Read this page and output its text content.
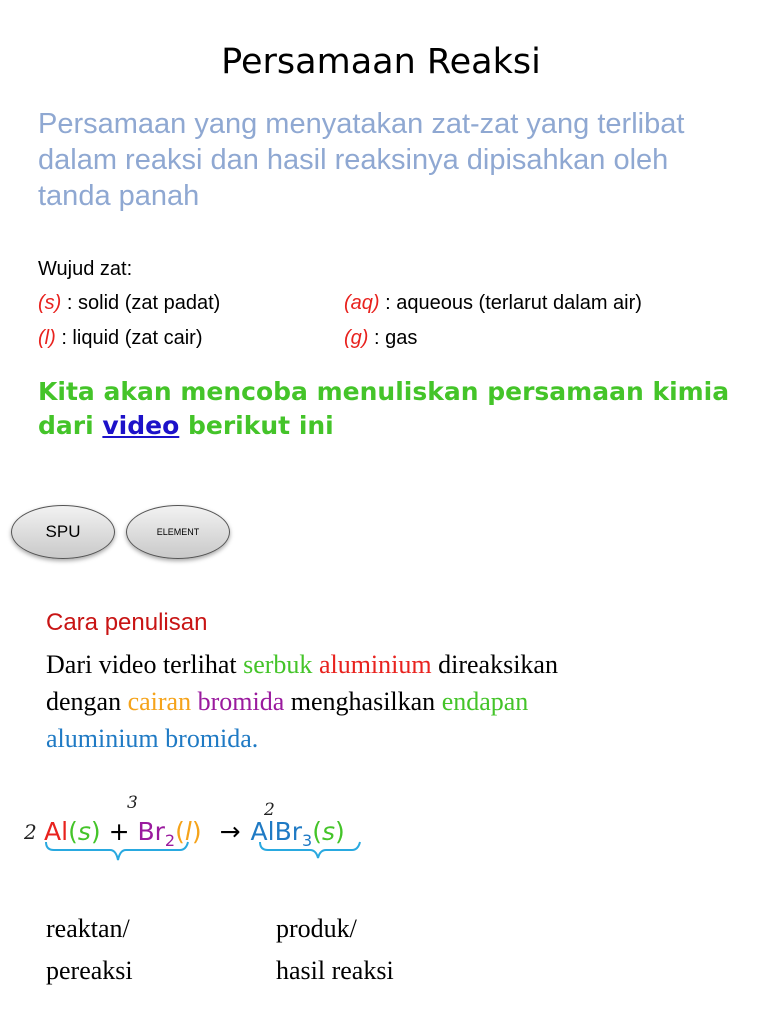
Persamaan Reaksi
Persamaan yang menyatakan zat-zat yang terlibat dalam reaksi dan hasil reaksinya dipisahkan oleh tanda panah
Wujud zat:
(s) : solid (zat padat)
(l) : liquid (zat cair)
(aq) : aqueous (terlarut dalam air)
(g) : gas
Kita akan mencoba menuliskan persamaan kimia
dari video berikut ini
SPU	ELEMENT
Cara penulisan
Dari video terlihat serbuk aluminium direaksikan
dengan cairan bromida menghasilkan endapan
aluminium bromida.
3	2
2 $Al(s) + Br_2(l)$ → AlBr$_3$(s)
reaktan/
pereaksi
produk/
hasil reaksi
